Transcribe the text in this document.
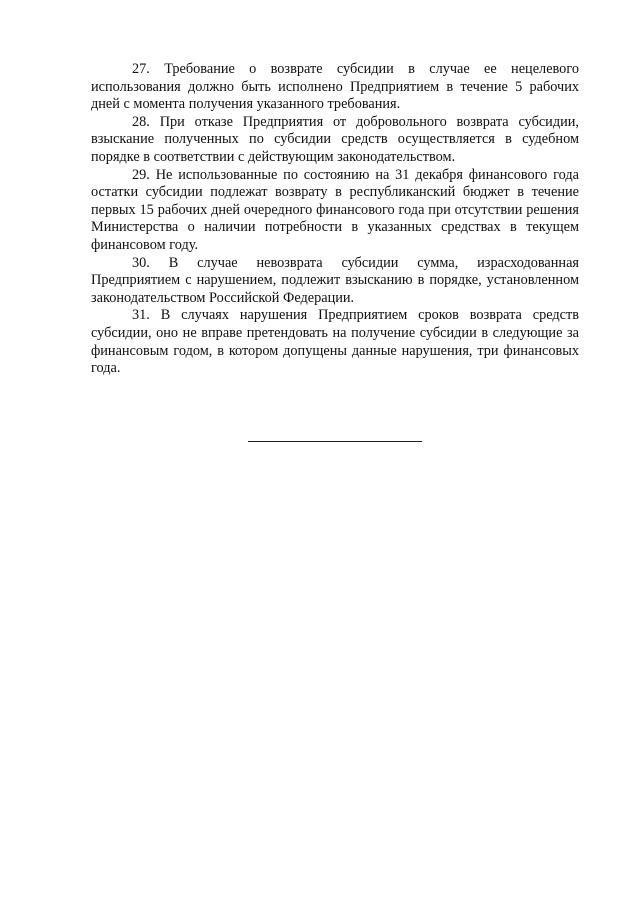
27. Требование о возврате субсидии в случае ее нецелевого использования должно быть исполнено Предприятием в течение 5 рабочих дней с момента получения указанного требования.

28. При отказе Предприятия от добровольного возврата субсидии, взыскание полученных по субсидии средств осуществляется в судебном порядке в соответствии с действующим законодательством.

29. Не использованные по состоянию на 31 декабря финансового года остатки субсидии подлежат возврату в республиканский бюджет в течение первых 15 рабочих дней очередного финансового года при отсутствии решения Министерства о наличии потребности в указанных средствах в текущем финансовом году.

30. В случае невозврата субсидии сумма, израсходованная Предприятием с нарушением, подлежит взысканию в порядке, установленном законодательством Российской Федерации.

31. В случаях нарушения Предприятием сроков возврата средств субсидии, оно не вправе претендовать на получение субсидии в следующие за финансовым годом, в котором допущены данные нарушения, три финансовых года.
